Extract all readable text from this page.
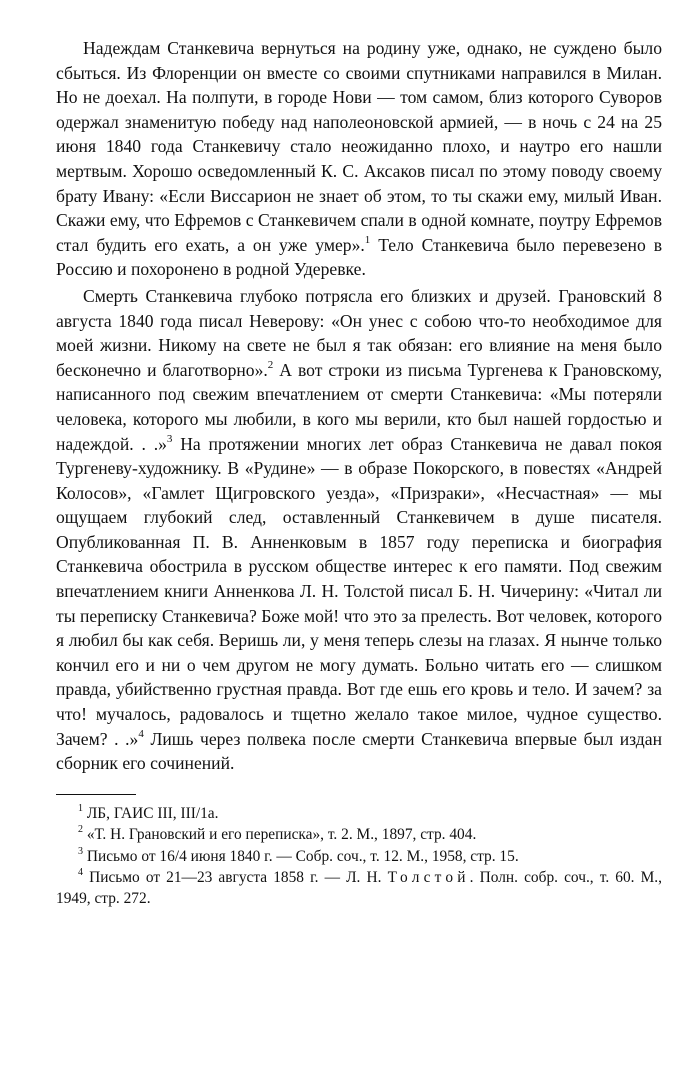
Надеждам Станкевича вернуться на родину уже, однако, не суждено было сбыться. Из Флоренции он вместе со своими спутниками направился в Милан. Но не доехал. На полпути, в городе Нови — том самом, близ которого Суворов одержал знаменитую победу над наполеоновской армией, — в ночь с 24 на 25 июня 1840 года Станкевичу стало неожиданно плохо, и наутро его нашли мертвым. Хорошо осведомленный К. С. Аксаков писал по этому поводу своему брату Ивану: «Если Виссарион не знает об этом, то ты скажи ему, милый Иван. Скажи ему, что Ефремов с Станкевичем спали в одной комнате, поутру Ефремов стал будить его ехать, а он уже умер».$^1$ Тело Станкевича было перевезено в Россию и похоронено в родной Удеревке.

Смерть Станкевича глубоко потрясла его близких и друзей. Грановский 8 августа 1840 года писал Неверову: «Он унес с собою что-то необходимое для моей жизни. Никому на свете не был я так обязан: его влияние на меня было бесконечно и благотворно».$^2$ А вот строки из письма Тургенева к Грановскому, написанного под свежим впечатлением от смерти Станкевича: «Мы потеряли человека, которого мы любили, в кого мы верили, кто был нашей гордостью и надеждой. . .»$^3$ На протяжении многих лет образ Станкевича не давал покоя Тургеневу-художнику. В «Рудине» — в образе Покорского, в повестях «Андрей Колосов», «Гамлет Щигровского уезда», «Призраки», «Несчастная» — мы ощущаем глубокий след, оставленный Станкевичем в душе писателя. Опубликованная П. В. Анненковым в 1857 году переписка и биография Станкевича обострила в русском обществе интерес к его памяти. Под свежим впечатлением книги Анненкова Л. Н. Толстой писал Б. Н. Чичерину: «Читал ли ты переписку Станкевича? Боже мой! что это за прелесть. Вот человек, которого я любил бы как себя. Веришь ли, у меня теперь слезы на глазах. Я нынче только кончил его и ни о чем другом не могу думать. Больно читать его — слишком правда, убийственно грустная правда. Вот где ешь его кровь и тело. И зачем? за что! мучалось, радовалось и тщетно желало такое милое, чудное существо. Зачем? . .»$^4$ Лишь через полвека после смерти Станкевича впервые был издан сборник его сочинений.

$^1$ ЛБ, ГАИС III, III/1а.

$^2$ «Т. Н. Грановский и его переписка», т. 2. М., 1897, стр. 404.

$^3$ Письмо от 16/4 июня 1840 г. — Собр. соч., т. 12. М., 1958, стр. 15.

$^4$ Письмо от 21—23 августа 1858 г. — Л. Н. Толстой. Полн. собр. соч., т. 60. М., 1949, стр. 272.
